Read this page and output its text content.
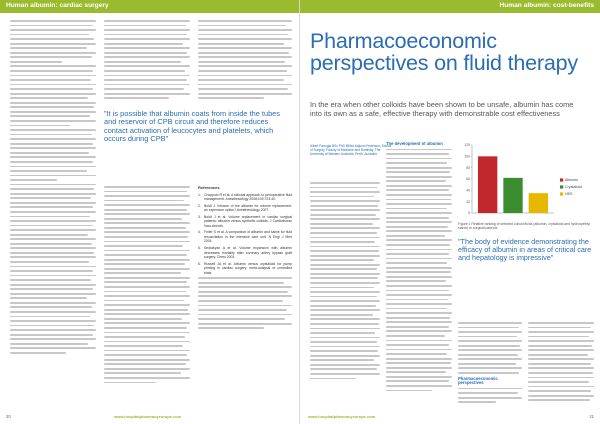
Human albumin: cardiac surgery
"It is possible that albumin coats from inside the tubes and reservoir of CPB circuit and therefore reduces contact activation of leucocytes and platelets, which occurs during CPB"
References
1. Choppolo R et al. A rational approach to perioperative fluid management. Anesthesiology 2008;109:723-40.
2. Boldt J. Infusion of the albumin for volume replacement: an expensive option? Anesthesiology 2007.
3. Boldt J et al. Volume replacement in cardiac surgical patients: albumin versus synthetic colloids. J Cardiothorac Vasc Anesth.
4. Finfer S et al. A comparison of albumin and saline for fluid resuscitation in the intensive care unit. N Engl J Med 2004.
5. Sedrakyan A et al. Volume expansion with albumin decreases mortality after coronary artery bypass graft surgery. Chest 2003.
6. Russell JA et al. Albumin versus crystalloid for pump priming in cardiac surgery: meta-analysis of controlled trials.
20	www.hospitalpharmacyeurope.com
Human albumin: cost-benefits
Pharmacoeconomic perspectives on fluid therapy
In the era when other colloids have been shown to be unsafe, albumin has come into its own as a safe, effective therapy with demonstrable cost effectiveness
Albert Farrugia BSc PhD BMed Adjunct Professor, School of Surgery, Faculty of Medicine and Dentistry, The University of Western Australia, Perth, Australia
The development of albumin	120
100
80
60
40
20
0
Albumin
Crystalloid
HES
Figure 1 Relative ranking of selected colloid fluids (albumin, crystalloid and hydroxyethyl starch) in surgical patients
"The body of evidence demonstrating the efficacy of albumin in areas of critical care and hepatology is impressive"
Pharmacoeconomic perspectives
www.hospitalpharmacyeurope.com	21
